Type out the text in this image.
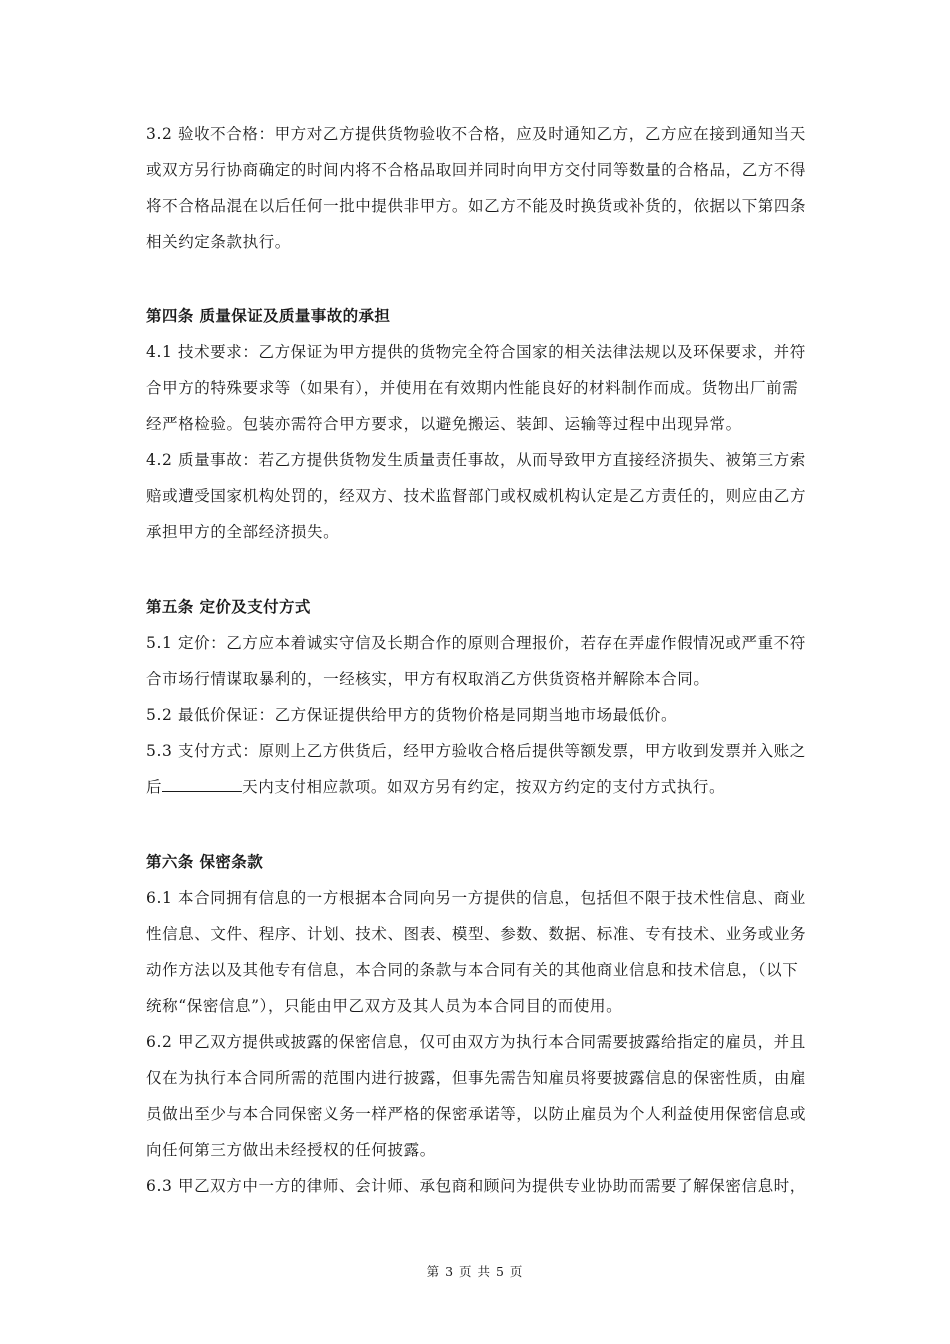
3.2 验收不合格：甲方对乙方提供货物验收不合格，应及时通知乙方，乙方应在接到通知当天
或双方另行协商确定的时间内将不合格品取回并同时向甲方交付同等数量的合格品，乙方不得
将不合格品混在以后任何一批中提供非甲方。如乙方不能及时换货或补货的，依据以下第四条
相关约定条款执行。
第四条 质量保证及质量事故的承担
4.1 技术要求：乙方保证为甲方提供的货物完全符合国家的相关法律法规以及环保要求，并符
合甲方的特殊要求等（如果有），并使用在有效期内性能良好的材料制作而成。货物出厂前需
经严格检验。包装亦需符合甲方要求，以避免搬运、装卸、运输等过程中出现异常。
4.2 质量事故：若乙方提供货物发生质量责任事故，从而导致甲方直接经济损失、被第三方索
赔或遭受国家机构处罚的，经双方、技术监督部门或权威机构认定是乙方责任的，则应由乙方
承担甲方的全部经济损失。
第五条 定价及支付方式
5.1 定价：乙方应本着诚实守信及长期合作的原则合理报价，若存在弄虚作假情况或严重不符
合市场行情谋取暴利的，一经核实，甲方有权取消乙方供货资格并解除本合同。
5.2 最低价保证：乙方保证提供给甲方的货物价格是同期当地市场最低价。
5.3 支付方式：原则上乙方供货后，经甲方验收合格后提供等额发票，甲方收到发票并入账之
后	天内支付相应款项。如双方另有约定，按双方约定的支付方式执行。
第六条 保密条款
6.1 本合同拥有信息的一方根据本合同向另一方提供的信息，包括但不限于技术性信息、商业
性信息、文件、程序、计划、技术、图表、模型、参数、数据、标准、专有技术、业务或业务
动作方法以及其他专有信息，本合同的条款与本合同有关的其他商业信息和技术信息，（以下
统称“保密信息”），只能由甲乙双方及其人员为本合同目的而使用。
6.2 甲乙双方提供或披露的保密信息，仅可由双方为执行本合同需要披露给指定的雇员，并且
仅在为执行本合同所需的范围内进行披露，但事先需告知雇员将要披露信息的保密性质，由雇
员做出至少与本合同保密义务一样严格的保密承诺等，以防止雇员为个人利益使用保密信息或
向任何第三方做出未经授权的任何披露。
6.3 甲乙双方中一方的律师、会计师、承包商和顾问为提供专业协助而需要了解保密信息时，
第 3 页 共 5 页
